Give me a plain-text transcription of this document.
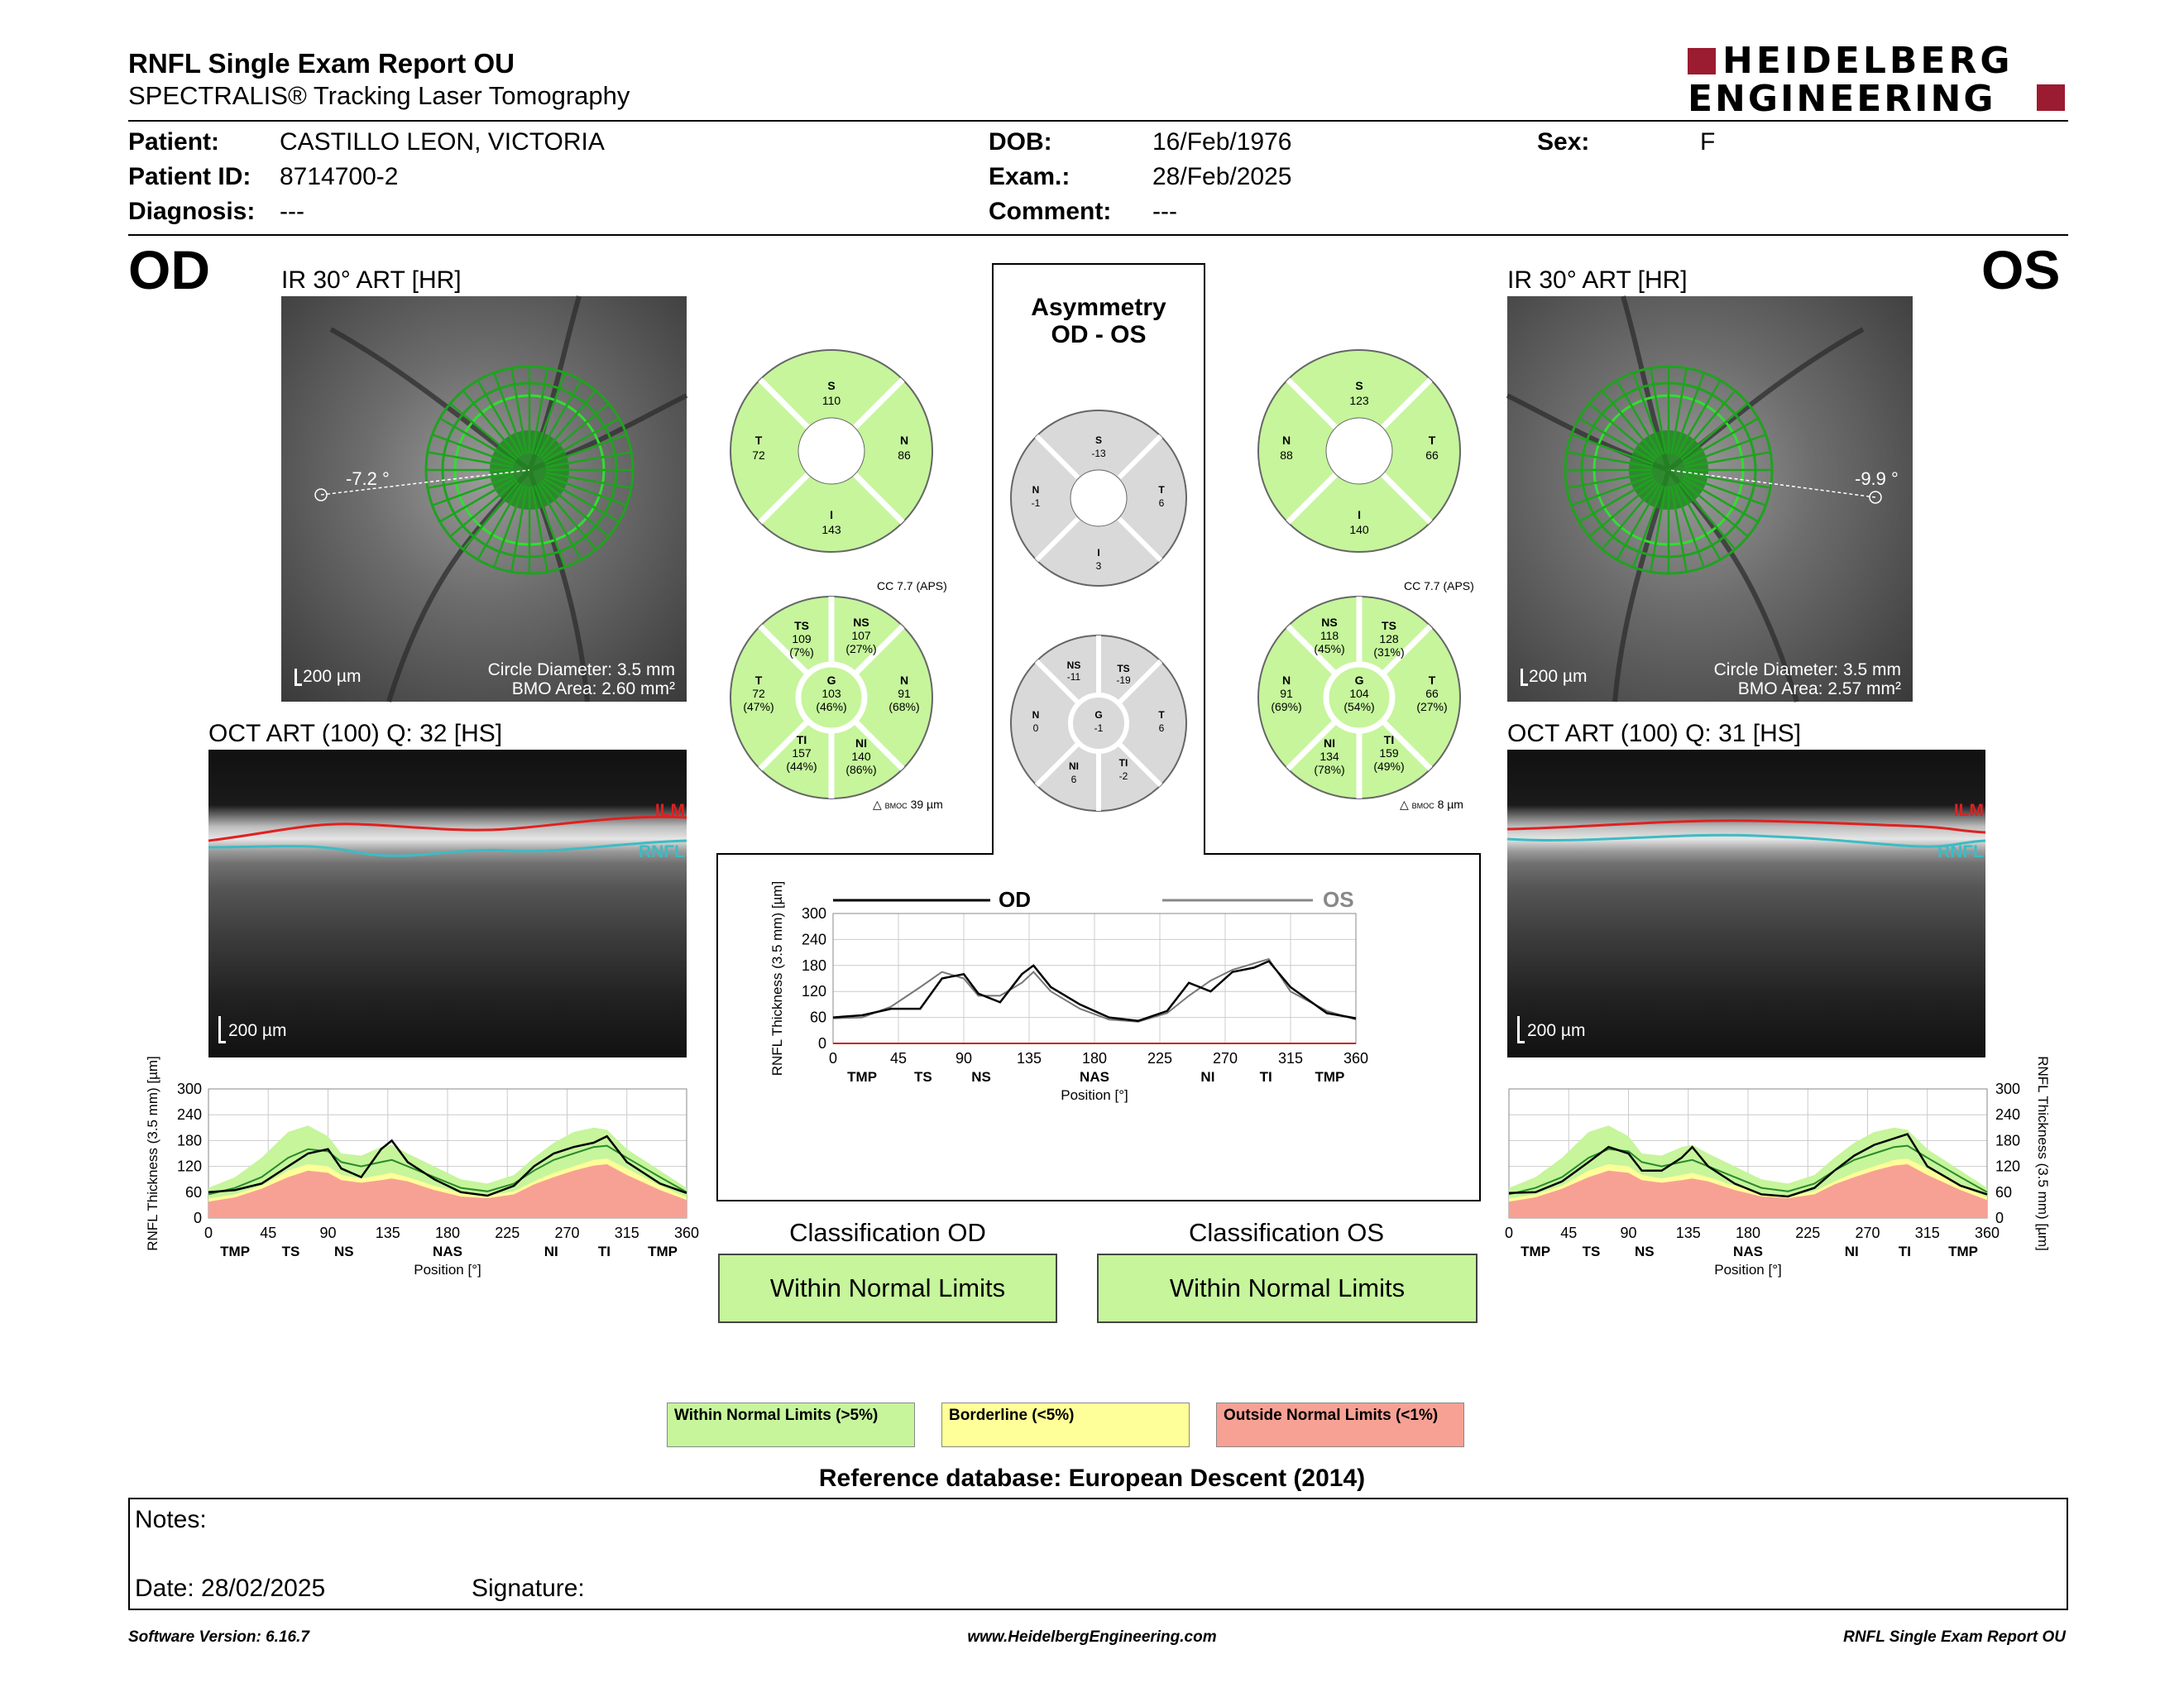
RNFL Single Exam Report OU
SPECTRALIS® Tracking Laser Tomography
HEIDELBERG
ENGINEERING
Patient: CASTILLO LEON, VICTORIA
Patient ID: 8714700-2
Diagnosis: ---
DOB:	16/Feb/1976
Exam.:	28/Feb/2025
Comment: ---
Sex:	F
OD	OS
IR 30° ART [HR]
-7.2 °
200 µm	Circle Diameter: 3.5 mm
BMO Area: 2.60 mm²
IR 30° ART [HR]
-9.9 °
200 µm	Circle Diameter: 3.5 mm
BMO Area: 2.57 mm²
OCT ART (100) Q: 32 [HS]
ILM
RNFL
200 µm
OCT ART (100) Q: 31 [HS]
ILM
RNFL
200 µm
S
110
T
72
N
86
I
143
CC 7.7 (APS)
TS
109
(7%)
NS
107
(27%)
T
72
(47%)
G
103
(46%)
N
91
(68%)
TI
157
(44%)
NI
140
(86%)
△ BMOC 39 µm
S
123
N
88
T
66
I
140
CC 7.7 (APS)
NS
118
(45%)
TS
128
(31%)
N
91
(69%)
G
104
(54%)
T
66
(27%)
NI
134
(78%)
TI
159
(49%)
△ BMOC 8 µm
Asymmetry
OD - OS
S
-13
N
-1
T
6
I
3
NS
-11
TS
-19
N
0
G
-1
T
6
NI
6
TI
-2
0
60
120
180
240
300
0	45	90	135 180 225 270 315 360
TMP TS NS	NAS	NI	TI	TMP
Position [°]
RNFL Thickness (3.5 mm) [µm]	0
60
120
180
240
300
0	45	90	135 180 225 270 315 360
TMP TS NS	NAS	NI	TI	TMP
Position [°]
RNFL Thickness (3.5 mm) [µm]
0
60
120
180
240
300
0	45	90	135	180	225	270	315	360
TMP	TS	NS	NAS	NI	TI	TMP
Position [°]
RNFL Thickness (3.5 mm) [µm]	OD	OS
Classification OD
Within Normal Limits
Classification OS
Within Normal Limits
Within Normal Limits (>5%)	Borderline (<5%)	Outside Normal Limits (<1%)
Reference database: European Descent (2014)
Notes:
Date: 28/02/2025	Signature:
Software Version: 6.16.7	www.HeidelbergEngineering.com	RNFL Single Exam Report OU
